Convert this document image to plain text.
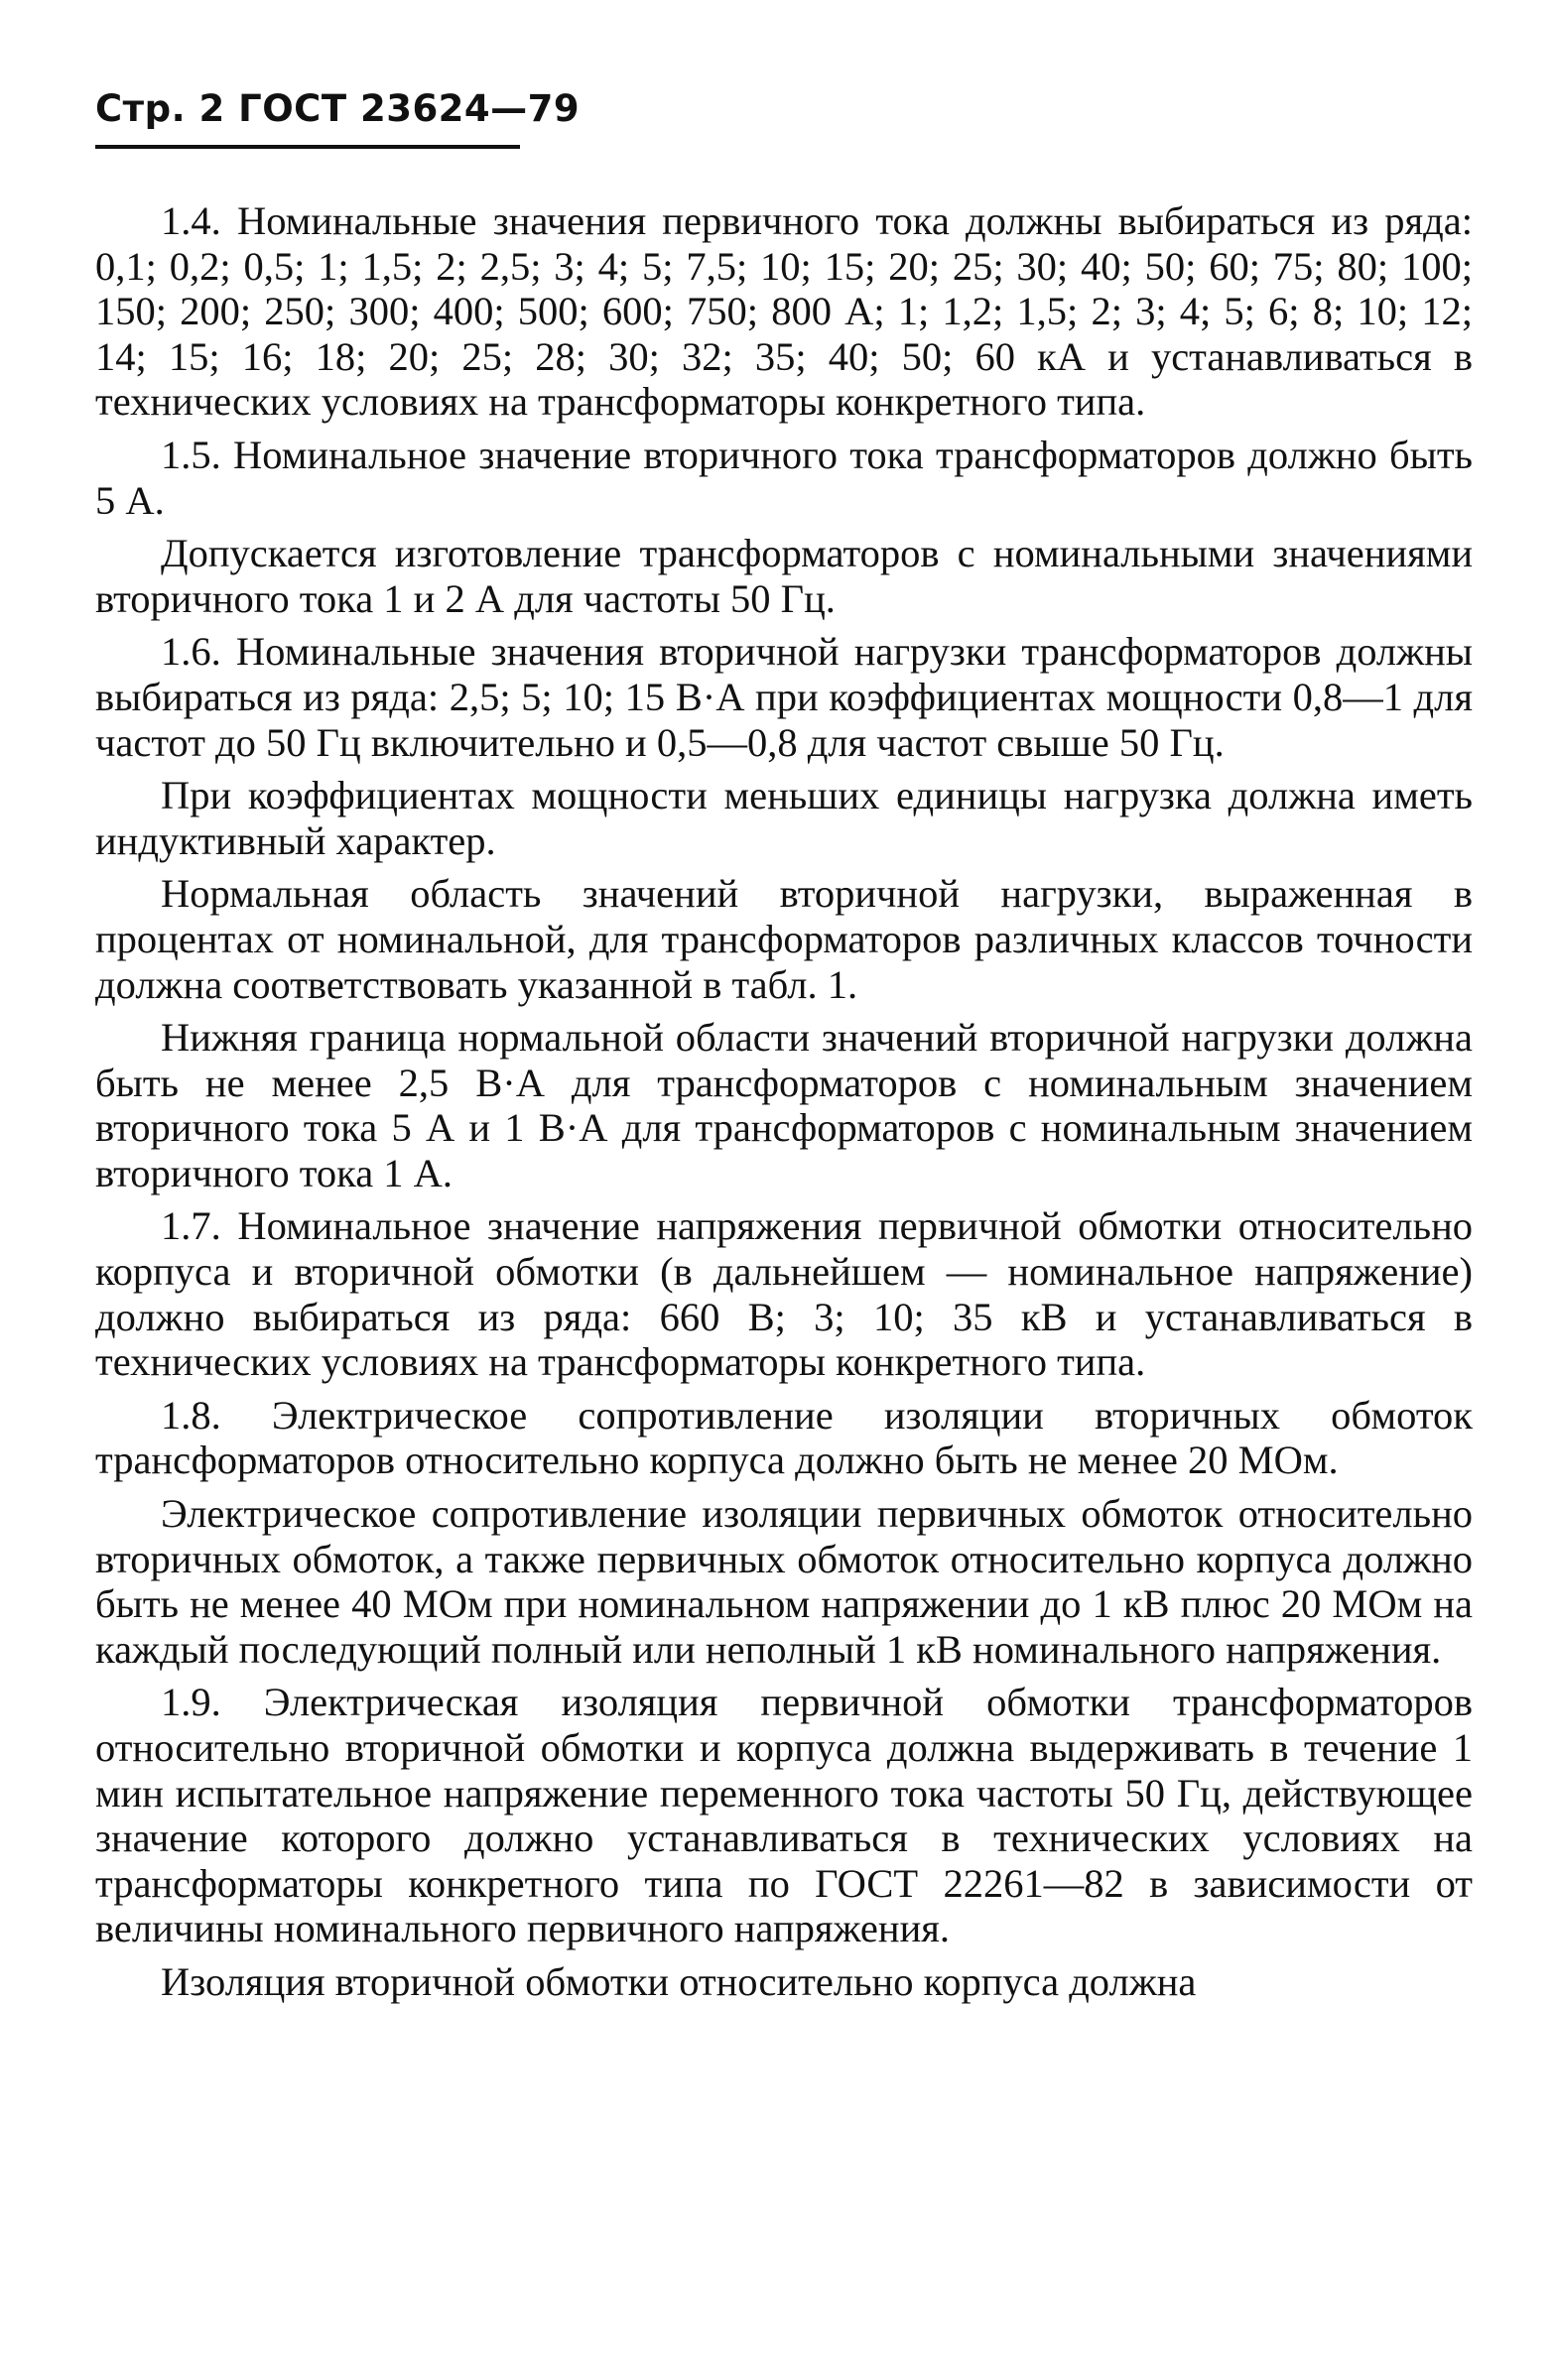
Стр. 2 ГОСТ 23624—79

1.4. Номинальные значения первичного тока должны выбираться из ряда: 0,1; 0,2; 0,5; 1; 1,5; 2; 2,5; 3; 4; 5; 7,5; 10; 15; 20; 25; 30; 40; 50; 60; 75; 80; 100; 150; 200; 250; 300; 400; 500; 600; 750; 800 А; 1; 1,2; 1,5; 2; 3; 4; 5; 6; 8; 10; 12; 14; 15; 16; 18; 20; 25; 28; 30; 32; 35; 40; 50; 60 кА и устанавливаться в технических условиях на трансформаторы конкретного типа.

1.5. Номинальное значение вторичного тока трансформаторов должно быть 5 А.

Допускается изготовление трансформаторов с номинальными значениями вторичного тока 1 и 2 А для частоты 50 Гц.

1.6. Номинальные значения вторичной нагрузки трансформаторов должны выбираться из ряда: 2,5; 5; 10; 15 В·А при коэффициентах мощности 0,8—1 для частот до 50 Гц включительно и 0,5—0,8 для частот свыше 50 Гц.

При коэффициентах мощности меньших единицы нагрузка должна иметь индуктивный характер.

Нормальная область значений вторичной нагрузки, выраженная в процентах от номинальной, для трансформаторов различных классов точности должна соответствовать указанной в табл. 1.

Нижняя граница нормальной области значений вторичной нагрузки должна быть не менее 2,5 В·А для трансформаторов с номинальным значением вторичного тока 5 А и 1 В·А для трансформаторов с номинальным значением вторичного тока 1 А.

1.7. Номинальное значение напряжения первичной обмотки относительно корпуса и вторичной обмотки (в дальнейшем — номинальное напряжение) должно выбираться из ряда: 660 В; 3; 10; 35 кВ и устанавливаться в технических условиях на трансформаторы конкретного типа.

1.8. Электрическое сопротивление изоляции вторичных обмоток трансформаторов относительно корпуса должно быть не менее 20 МОм.

Электрическое сопротивление изоляции первичных обмоток относительно вторичных обмоток, а также первичных обмоток относительно корпуса должно быть не менее 40 МОм при номинальном напряжении до 1 кВ плюс 20 МОм на каждый последующий полный или неполный 1 кВ номинального напряжения.

1.9. Электрическая изоляция первичной обмотки трансформаторов относительно вторичной обмотки и корпуса должна выдерживать в течение 1 мин испытательное напряжение переменного тока частоты 50 Гц, действующее значение которого должно устанавливаться в технических условиях на трансформаторы конкретного типа по ГОСТ 22261—82 в зависимости от величины номинального первичного напряжения.

Изоляция вторичной обмотки относительно корпуса должна
